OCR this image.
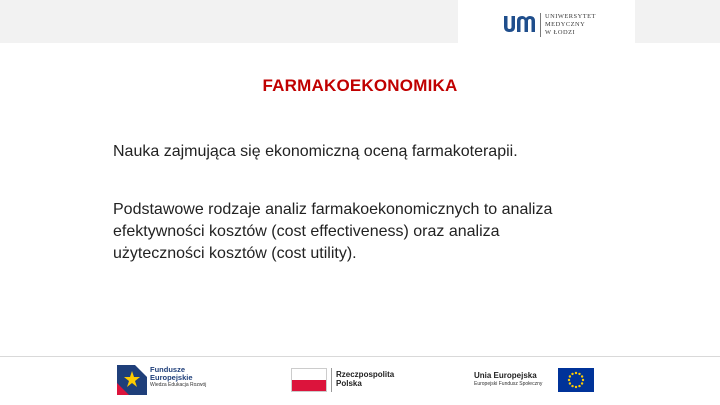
UNIWERSYTET
MEDYCZNY
W ŁODZI
FARMAKOEKONOMIKA
Nauka zajmująca się ekonomiczną oceną farmakoterapii.
Podstawowe rodzaje analiz farmakoekonomicznych to analiza efektywności kosztów (cost effectiveness) oraz analiza użyteczności kosztów (cost utility).
Fundusze
Europejskie
Wiedza Edukacja Rozwój
Rzeczpospolita
Polska
Unia Europejska
Europejski Fundusz Społeczny
